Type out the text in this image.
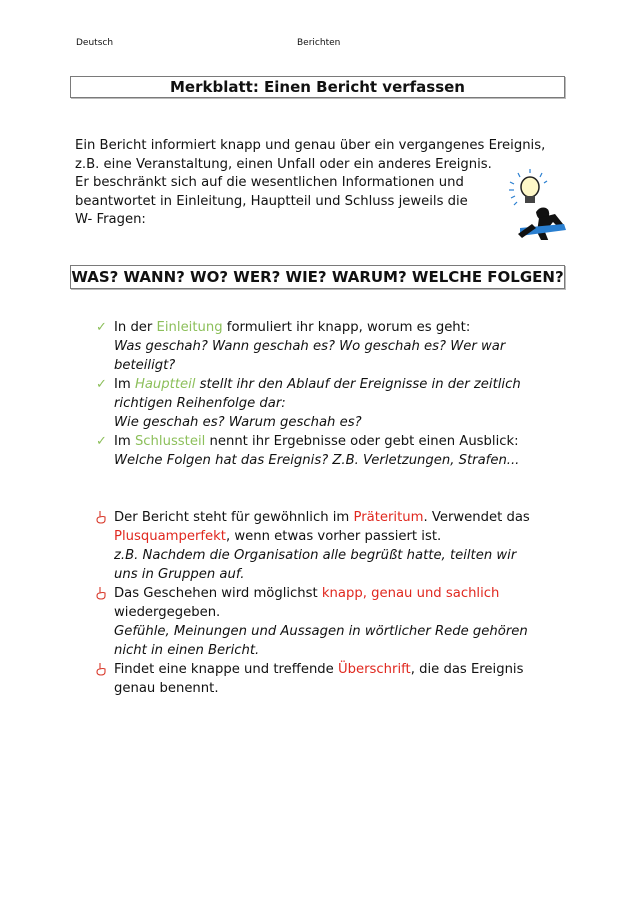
Deutsch	Berichten
Merkblatt: Einen Bericht verfassen
Ein Bericht informiert knapp und genau über ein vergangenes Ereignis,
z.B. eine Veranstaltung, einen Unfall oder ein anderes Ereignis.
Er beschränkt sich auf die wesentlichen Informationen und
beantwortet in Einleitung, Hauptteil und Schluss jeweils die
W- Fragen:
WAS? WANN? WO? WER? WIE? WARUM? WELCHE FOLGEN?
✓ In der Einleitung formuliert ihr knapp, worum es geht:
Was geschah? Wann geschah es? Wo geschah es? Wer war
beteiligt?
✓ Im Hauptteil stellt ihr den Ablauf der Ereignisse in der zeitlich
richtigen Reihenfolge dar:
Wie geschah es? Warum geschah es?
✓ Im Schlussteil nennt ihr Ergebnisse oder gebt einen Ausblick:
Welche Folgen hat das Ereignis? Z.B. Verletzungen, Strafen...
Der Bericht steht für gewöhnlich im Präteritum. Verwendet das
Plusquamperfekt, wenn etwas vorher passiert ist.
z.B. Nachdem die Organisation alle begrüßt hatte, teilten wir
uns in Gruppen auf.
Das Geschehen wird möglichst knapp, genau und sachlich
wiedergegeben.
Gefühle, Meinungen und Aussagen in wörtlicher Rede gehören
nicht in einen Bericht.
Findet eine knappe und treffende Überschrift, die das Ereignis
genau benennt.
